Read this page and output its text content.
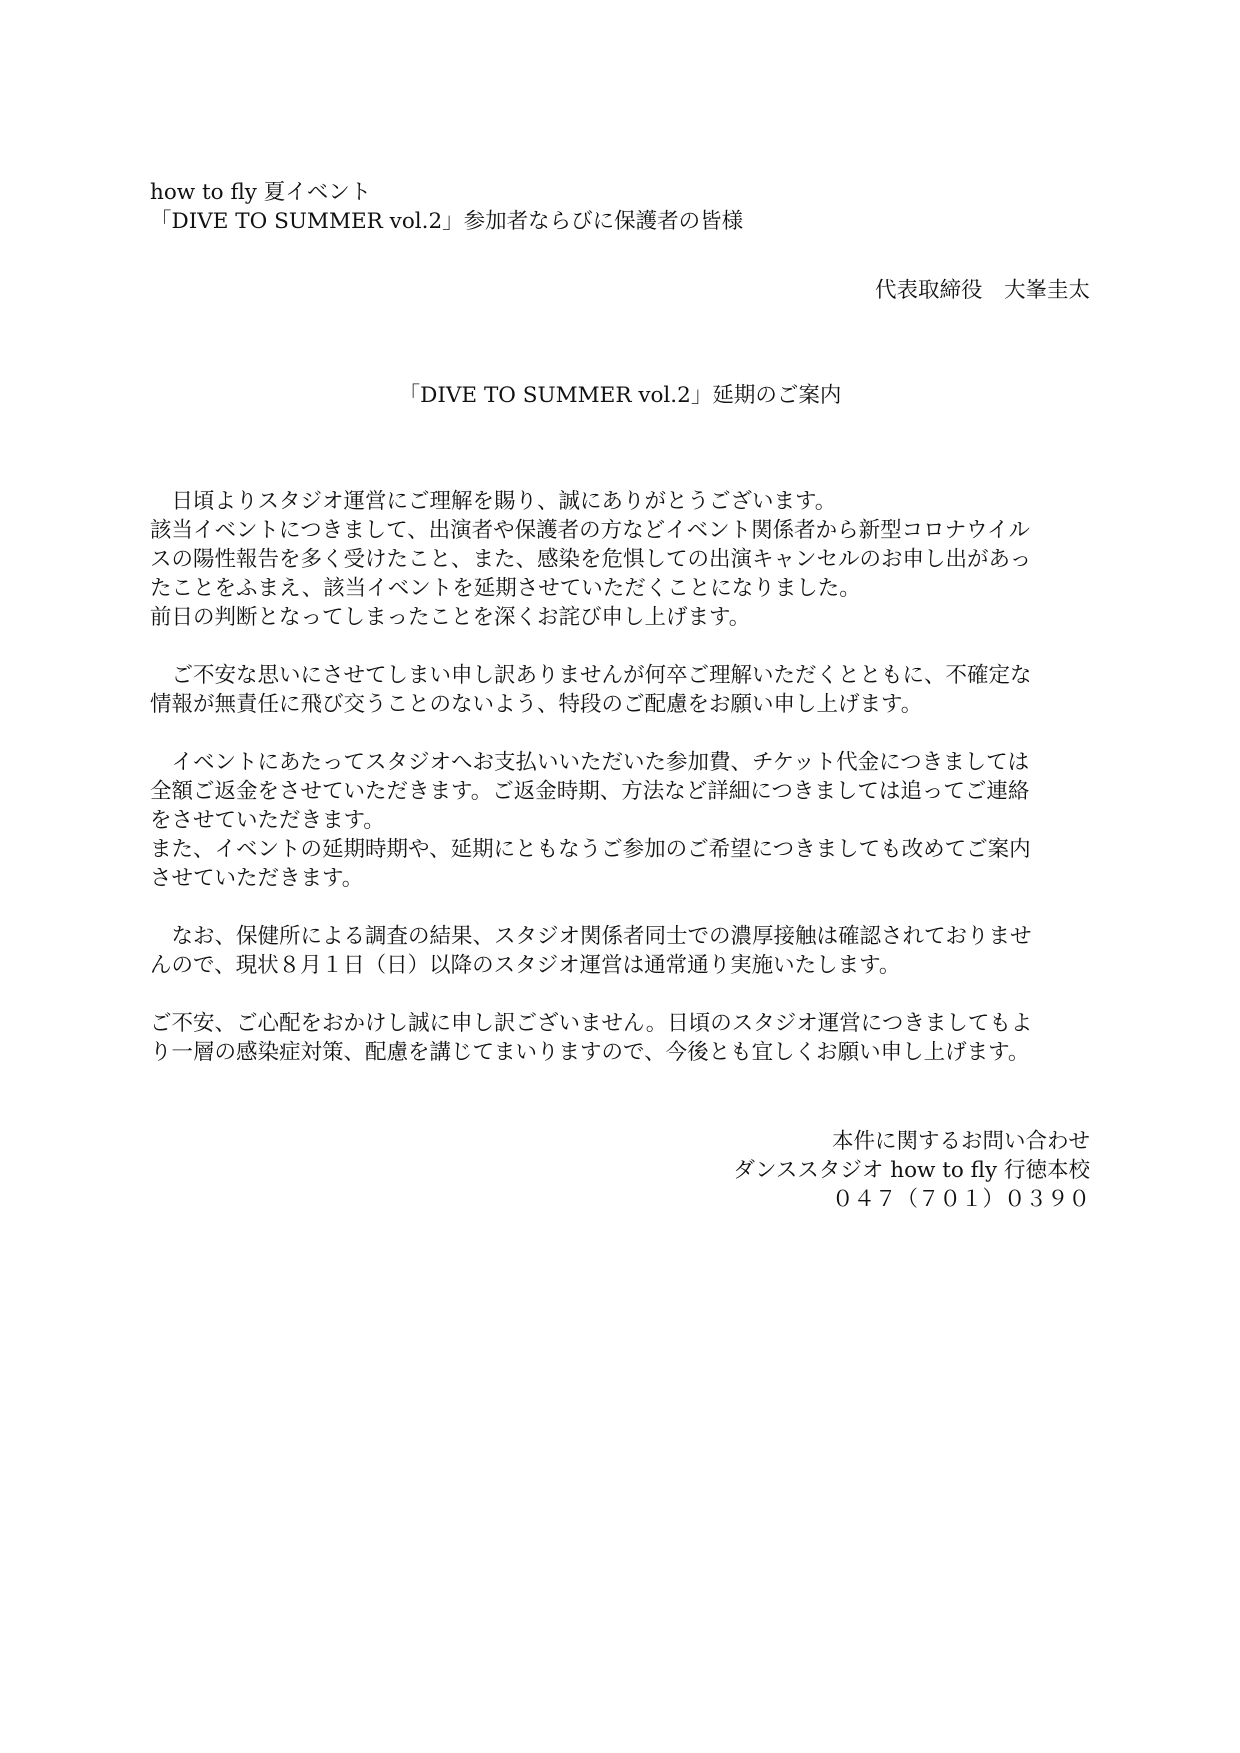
how to fly 夏イベント
「DIVE TO SUMMER vol.2」参加者ならびに保護者の皆様
代表取締役　大峯圭太
「DIVE TO SUMMER vol.2」延期のご案内
　日頃よりスタジオ運営にご理解を賜り、誠にありがとうございます。
該当イベントにつきまして、出演者や保護者の方などイベント関係者から新型コロナウイル
スの陽性報告を多く受けたこと、また、感染を危惧しての出演キャンセルのお申し出があっ
たことをふまえ、該当イベントを延期させていただくことになりました。
前日の判断となってしまったことを深くお詫び申し上げます。
　ご不安な思いにさせてしまい申し訳ありませんが何卒ご理解いただくとともに、不確定な
情報が無責任に飛び交うことのないよう、特段のご配慮をお願い申し上げます。
　イベントにあたってスタジオへお支払いいただいた参加費、チケット代金につきましては
全額ご返金をさせていただきます。ご返金時期、方法など詳細につきましては追ってご連絡
をさせていただきます。
また、イベントの延期時期や、延期にともなうご参加のご希望につきましても改めてご案内
させていただきます。
　なお、保健所による調査の結果、スタジオ関係者同士での濃厚接触は確認されておりませ
んので、現状８月１日（日）以降のスタジオ運営は通常通り実施いたします。
ご不安、ご心配をおかけし誠に申し訳ございません。日頃のスタジオ運営につきましてもよ
り一層の感染症対策、配慮を講じてまいりますので、今後とも宜しくお願い申し上げます。
本件に関するお問い合わせ
ダンススタジオ how to fly 行徳本校
０４７（７０１）０３９０
